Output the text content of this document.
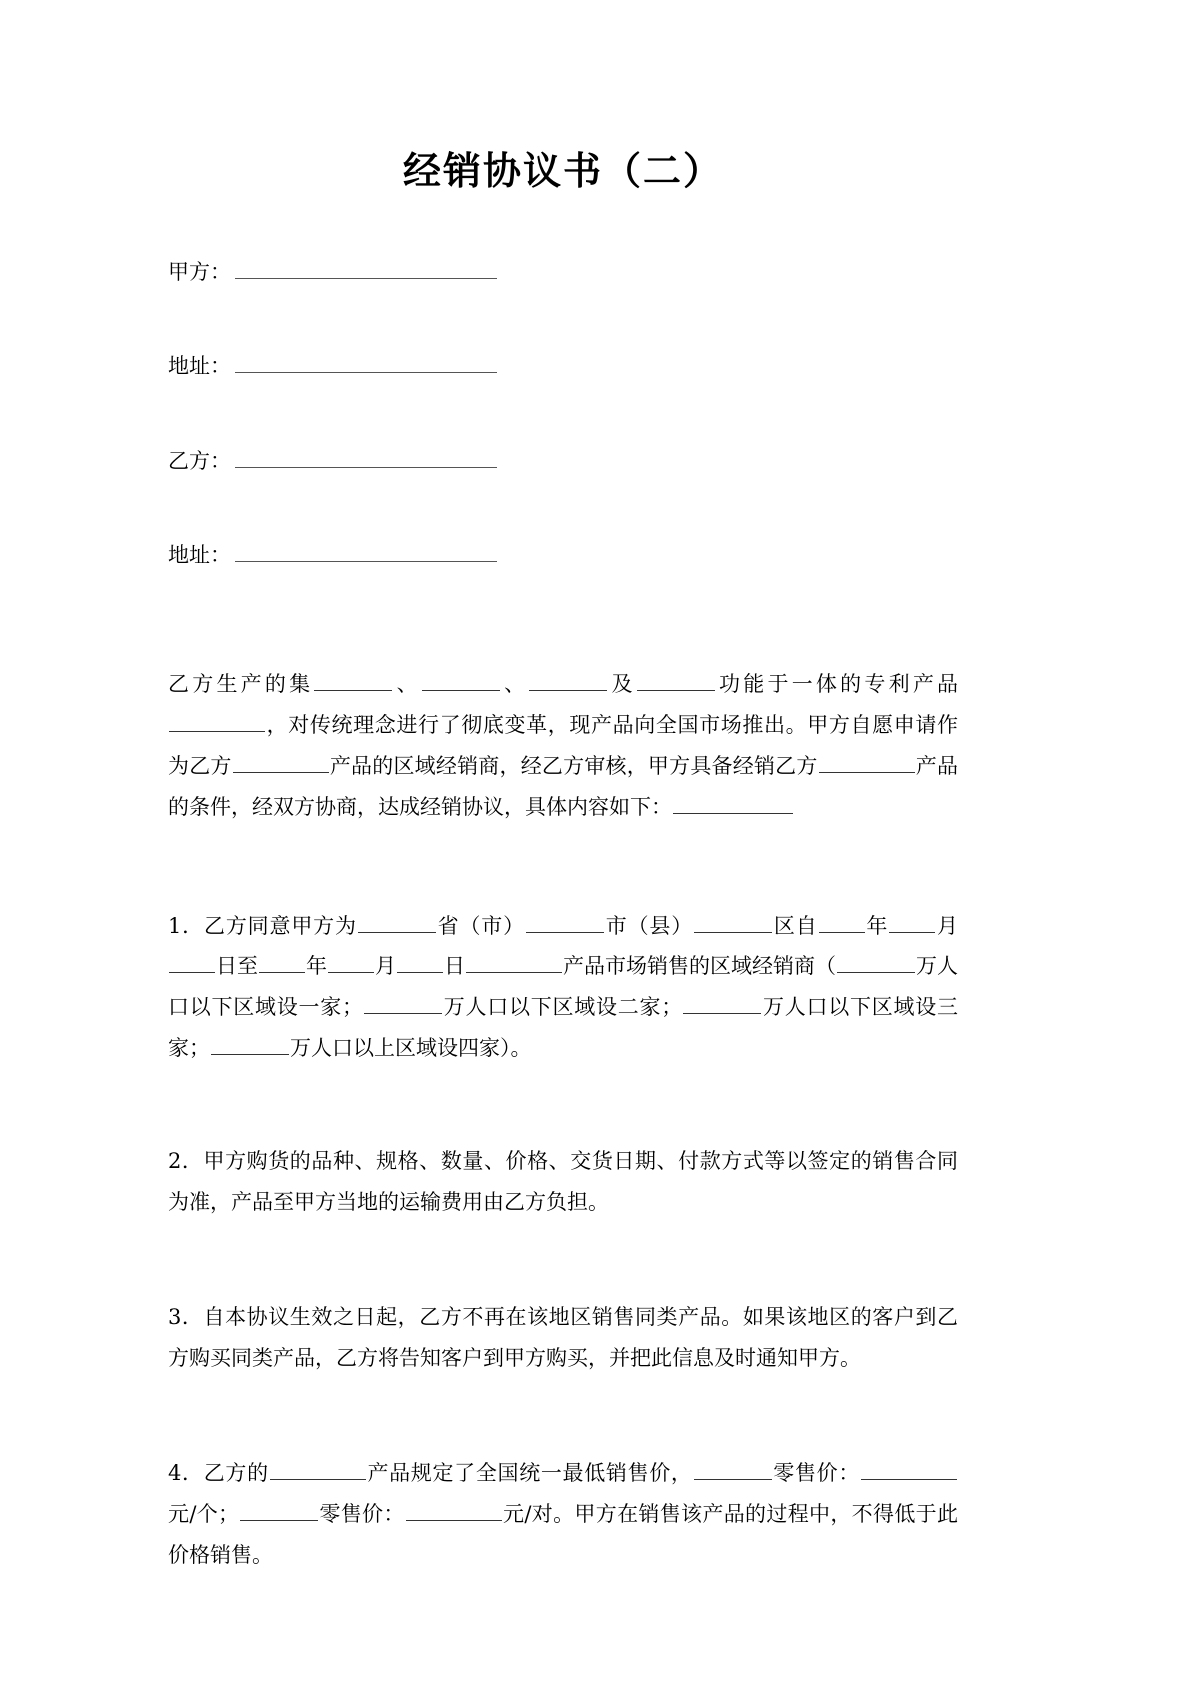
经销协议书（二）
甲方：
地址：
乙方：
地址：

乙方生产的集	、	、	及	功能于一体的专利产品，对传统理念进行了彻底变革，现产品向全国市场推出。甲方自愿申请作为乙方	产品的区域经销商，经乙方审核，甲方具备经销乙方	产品的条件，经双方协商，达成经销协议，具体内容如下：

1．乙方同意甲方为	省（市）	市（县）	区自 年 月日至 年 月 日	产品市场销售的区域经销商（	万人口以下区域设一家；	万人口以下区域设二家；	万人口以下区域设三家；	万人口以上区域设四家）。

2．甲方购货的品种、规格、数量、价格、交货日期、付款方式等以签定的销售合同为准，产品至甲方当地的运输费用由乙方负担。

3．自本协议生效之日起，乙方不再在该地区销售同类产品。如果该地区的客户到乙方购买同类产品，乙方将告知客户到甲方购买，并把此信息及时通知甲方。

4．乙方的	产品规定了全国统一最低销售价，	零售价：元/个；	零售价：	元/对。甲方在销售该产品的过程中，不得低于此价格销售。
